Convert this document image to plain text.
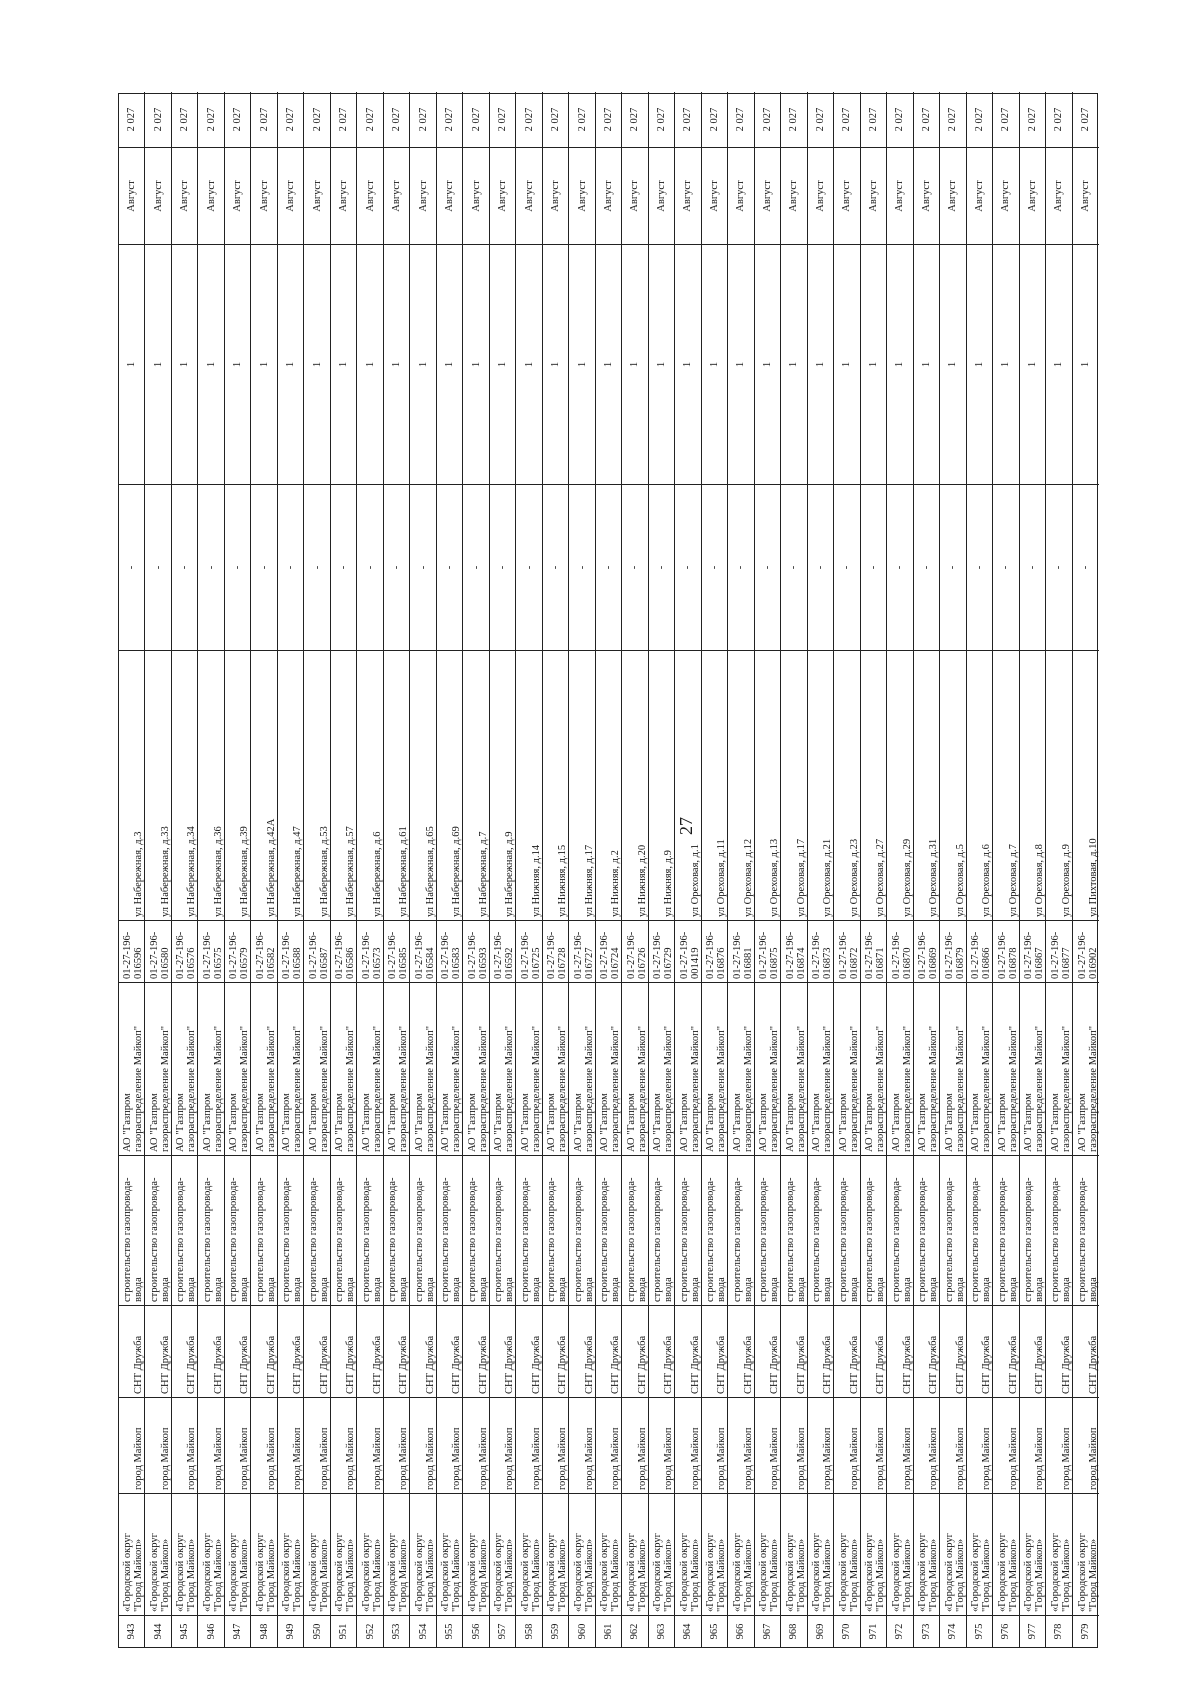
27
943
«Городской округ
"Город Майкоп»
город Майкоп
СНТ Дружба
строительство газопровода-
ввода
АО "Газпром
газораспределение Майкоп"
01-27-196-
016596
ул Набережная, д.3
-
1
Август
2 027
944
«Городской округ
"Город Майкоп»
город Майкоп
СНТ Дружба
строительство газопровода-
ввода
АО "Газпром
газораспределение Майкоп"
01-27-196-
016580
ул Набережная, д.33
-
1
Август
2 027
945
«Городской округ
"Город Майкоп»
город Майкоп
СНТ Дружба
строительство газопровода-
ввода
АО "Газпром
газораспределение Майкоп"
01-27-196-
016576
ул Набережная, д.34
-
1
Август
2 027
946
«Городской округ
"Город Майкоп»
город Майкоп
СНТ Дружба
строительство газопровода-
ввода
АО "Газпром
газораспределение Майкоп"
01-27-196-
016575
ул Набережная, д.36
-
1
Август
2 027
947
«Городской округ
"Город Майкоп»
город Майкоп
СНТ Дружба
строительство газопровода-
ввода
АО "Газпром
газораспределение Майкоп"
01-27-196-
016579
ул Набережная, д.39
-
1
Август
2 027
948
«Городской округ
"Город Майкоп»
город Майкоп
СНТ Дружба
строительство газопровода-
ввода
АО "Газпром
газораспределение Майкоп"
01-27-196-
016582
ул Набережная, д.42А
-
1
Август
2 027
949
«Городской округ
"Город Майкоп»
город Майкоп
СНТ Дружба
строительство газопровода-
ввода
АО "Газпром
газораспределение Майкоп"
01-27-196-
016588
ул Набережная, д.47
-
1
Август
2 027
950
«Городской округ
"Город Майкоп»
город Майкоп
СНТ Дружба
строительство газопровода-
ввода
АО "Газпром
газораспределение Майкоп"
01-27-196-
016587
ул Набережная, д.53
-
1
Август
2 027
951
«Городской округ
"Город Майкоп»
город Майкоп
СНТ Дружба
строительство газопровода-
ввода
АО "Газпром
газораспределение Майкоп"
01-27-196-
016586
ул Набережная, д.57
-
1
Август
2 027
952
«Городской округ
"Город Майкоп»
город Майкоп
СНТ Дружба
строительство газопровода-
ввода
АО "Газпром
газораспределение Майкоп"
01-27-196-
016573
ул Набережная, д.6
-
1
Август
2 027
953
«Городской округ
"Город Майкоп»
город Майкоп
СНТ Дружба
строительство газопровода-
ввода
АО "Газпром
газораспределение Майкоп"
01-27-196-
016585
ул Набережная, д.61
-
1
Август
2 027
954
«Городской округ
"Город Майкоп»
город Майкоп
СНТ Дружба
строительство газопровода-
ввода
АО "Газпром
газораспределение Майкоп"
01-27-196-
016584
ул Набережная, д.65
-
1
Август
2 027
955
«Городской округ
"Город Майкоп»
город Майкоп
СНТ Дружба
строительство газопровода-
ввода
АО "Газпром
газораспределение Майкоп"
01-27-196-
016583
ул Набережная, д.69
-
1
Август
2 027
956
«Городской округ
"Город Майкоп»
город Майкоп
СНТ Дружба
строительство газопровода-
ввода
АО "Газпром
газораспределение Майкоп"
01-27-196-
016593
ул Набережная, д.7
-
1
Август
2 027
957
«Городской округ
"Город Майкоп»
город Майкоп
СНТ Дружба
строительство газопровода-
ввода
АО "Газпром
газораспределение Майкоп"
01-27-196-
016592
ул Набережная, д.9
-
1
Август
2 027
958
«Городской округ
"Город Майкоп»
город Майкоп
СНТ Дружба
строительство газопровода-
ввода
АО "Газпром
газораспределение Майкоп"
01-27-196-
016725
ул Нижняя, д.14
-
1
Август
2 027
959
«Городской округ
"Город Майкоп»
город Майкоп
СНТ Дружба
строительство газопровода-
ввода
АО "Газпром
газораспределение Майкоп"
01-27-196-
016728
ул Нижняя, д.15
-
1
Август
2 027
960
«Городской округ
"Город Майкоп»
город Майкоп
СНТ Дружба
строительство газопровода-
ввода
АО "Газпром
газораспределение Майкоп"
01-27-196-
016727
ул Нижняя, д.17
-
1
Август
2 027
961
«Городской округ
"Город Майкоп»
город Майкоп
СНТ Дружба
строительство газопровода-
ввода
АО "Газпром
газораспределение Майкоп"
01-27-196-
016724
ул Нижняя, д.2
-
1
Август
2 027
962
«Городской округ
"Город Майкоп»
город Майкоп
СНТ Дружба
строительство газопровода-
ввода
АО "Газпром
газораспределение Майкоп"
01-27-196-
016726
ул Нижняя, д.20
-
1
Август
2 027
963
«Городской округ
"Город Майкоп»
город Майкоп
СНТ Дружба
строительство газопровода-
ввода
АО "Газпром
газораспределение Майкоп"
01-27-196-
016729
ул Нижняя, д.9
-
1
Август
2 027
964
«Городской округ
"Город Майкоп»
город Майкоп
СНТ Дружба
строительство газопровода-
ввода
АО "Газпром
газораспределение Майкоп"
01-27-196-
001419
ул Ореховая, д.1
-
1
Август
2 027
965
«Городской округ
"Город Майкоп»
город Майкоп
СНТ Дружба
строительство газопровода-
ввода
АО "Газпром
газораспределение Майкоп"
01-27-196-
016876
ул Ореховая, д.11
-
1
Август
2 027
966
«Городской округ
"Город Майкоп»
город Майкоп
СНТ Дружба
строительство газопровода-
ввода
АО "Газпром
газораспределение Майкоп"
01-27-196-
016881
ул Ореховая, д.12
-
1
Август
2 027
967
«Городской округ
"Город Майкоп»
город Майкоп
СНТ Дружба
строительство газопровода-
ввода
АО "Газпром
газораспределение Майкоп"
01-27-196-
016875
ул Ореховая, д.13
-
1
Август
2 027
968
«Городской округ
"Город Майкоп»
город Майкоп
СНТ Дружба
строительство газопровода-
ввода
АО "Газпром
газораспределение Майкоп"
01-27-196-
016874
ул Ореховая, д.17
-
1
Август
2 027
969
«Городской округ
"Город Майкоп»
город Майкоп
СНТ Дружба
строительство газопровода-
ввода
АО "Газпром
газораспределение Майкоп"
01-27-196-
016873
ул Ореховая, д.21
-
1
Август
2 027
970
«Городской округ
"Город Майкоп»
город Майкоп
СНТ Дружба
строительство газопровода-
ввода
АО "Газпром
газораспределение Майкоп"
01-27-196-
016872
ул Ореховая, д.23
-
1
Август
2 027
971
«Городской округ
"Город Майкоп»
город Майкоп
СНТ Дружба
строительство газопровода-
ввода
АО "Газпром
газораспределение Майкоп"
01-27-196-
016871
ул Ореховая, д.27
-
1
Август
2 027
972
«Городской округ
"Город Майкоп»
город Майкоп
СНТ Дружба
строительство газопровода-
ввода
АО "Газпром
газораспределение Майкоп"
01-27-196-
016870
ул Ореховая, д.29
-
1
Август
2 027
973
«Городской округ
"Город Майкоп»
город Майкоп
СНТ Дружба
строительство газопровода-
ввода
АО "Газпром
газораспределение Майкоп"
01-27-196-
016869
ул Ореховая, д.31
-
1
Август
2 027
974
«Городской округ
"Город Майкоп»
город Майкоп
СНТ Дружба
строительство газопровода-
ввода
АО "Газпром
газораспределение Майкоп"
01-27-196-
016879
ул Ореховая, д.5
-
1
Август
2 027
975
«Городской округ
"Город Майкоп»
город Майкоп
СНТ Дружба
строительство газопровода-
ввода
АО "Газпром
газораспределение Майкоп"
01-27-196-
016866
ул Ореховая, д.6
-
1
Август
2 027
976
«Городской округ
"Город Майкоп»
город Майкоп
СНТ Дружба
строительство газопровода-
ввода
АО "Газпром
газораспределение Майкоп"
01-27-196-
016878
ул Ореховая, д.7
-
1
Август
2 027
977
«Городской округ
"Город Майкоп»
город Майкоп
СНТ Дружба
строительство газопровода-
ввода
АО "Газпром
газораспределение Майкоп"
01-27-196-
016867
ул Ореховая, д.8
-
1
Август
2 027
978
«Городской округ
"Город Майкоп»
город Майкоп
СНТ Дружба
строительство газопровода-
ввода
АО "Газпром
газораспределение Майкоп"
01-27-196-
016877
ул Ореховая, д.9
-
1
Август
2 027
979
«Городской округ
"Город Майкоп»
город Майкоп
СНТ Дружба
строительство газопровода-
ввода
АО "Газпром
газораспределение Майкоп"
01-27-196-
016902
ул Пихтовая, д.10
-
1
Август
2 027
